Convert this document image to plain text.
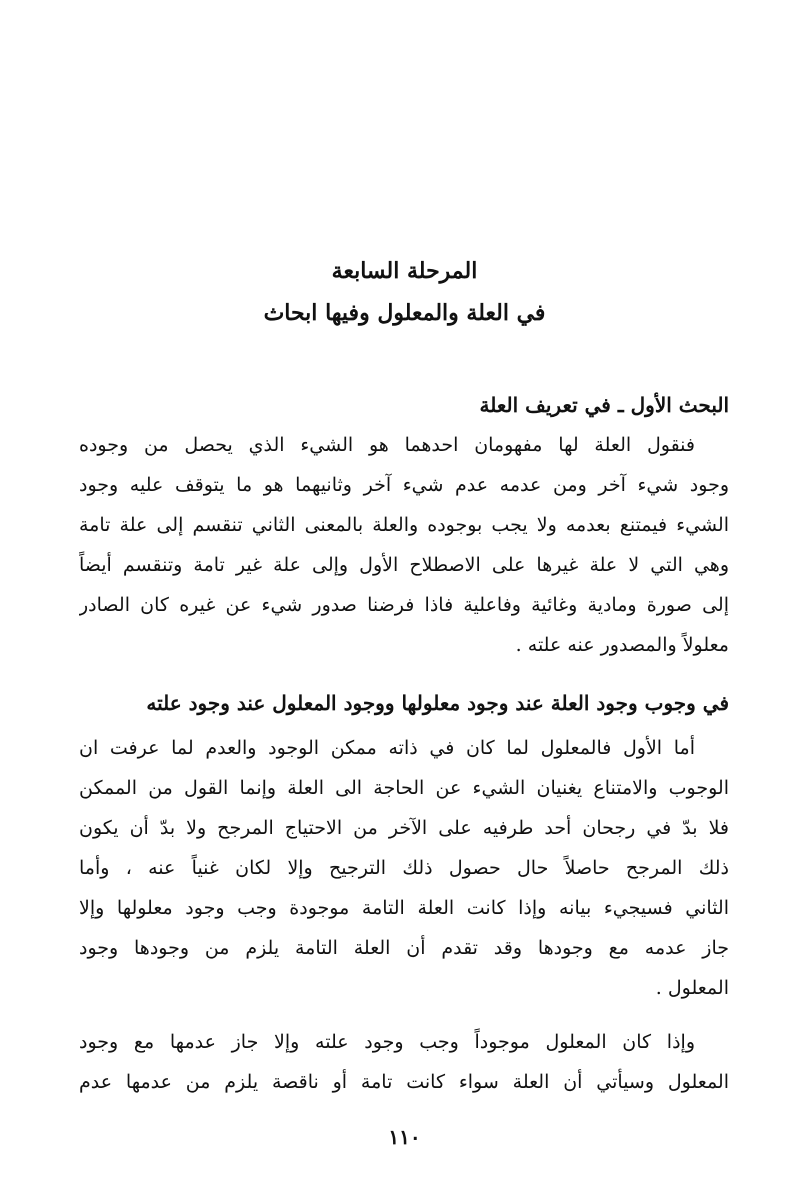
المرحلة السابعة
في العلة والمعلول وفيها ابحاث
البحث الأول ـ في تعريف العلة
فنقول العلة لها مفهومان احدهما هو الشيء الذي يحصل من وجوده
وجود شيء آخر ومن عدمه عدم شيء آخر وثانيهما هو ما يتوقف عليه وجود
الشيء فيمتنع بعدمه ولا يجب بوجوده والعلة بالمعنى الثاني تنقسم إلى علة تامة
وهي التي لا علة غيرها على الاصطلاح الأول وإلى علة غير تامة وتنقسم أيضاً
إلى صورة ومادية وغائية وفاعلية فاذا فرضنا صدور شيء عن غيره كان الصادر
معلولاً والمصدور عنه علته .
في وجوب وجود العلة عند وجود معلولها ووجود المعلول عند وجود علته
أما الأول فالمعلول لما كان في ذاته ممكن الوجود والعدم لما عرفت ان
الوجوب والامتناع يغنيان الشيء عن الحاجة الى العلة وإنما القول من الممكن
فلا بدّ في رجحان أحد طرفيه على الآخر من الاحتياج المرجح ولا بدّ أن يكون
ذلك المرجح حاصلاً حال حصول ذلك الترجيح وإلا لكان غنياً عنه ، وأما
الثاني فسيجيء بيانه وإذا كانت العلة التامة موجودة وجب وجود معلولها وإلا
جاز عدمه مع وجودها وقد تقدم أن العلة التامة يلزم من وجودها وجود
المعلول .
وإذا كان المعلول موجوداً وجب وجود علته وإلا جاز عدمها مع وجود
المعلول وسيأتي أن العلة سواء كانت تامة أو ناقصة يلزم من عدمها عدم
١١٠
